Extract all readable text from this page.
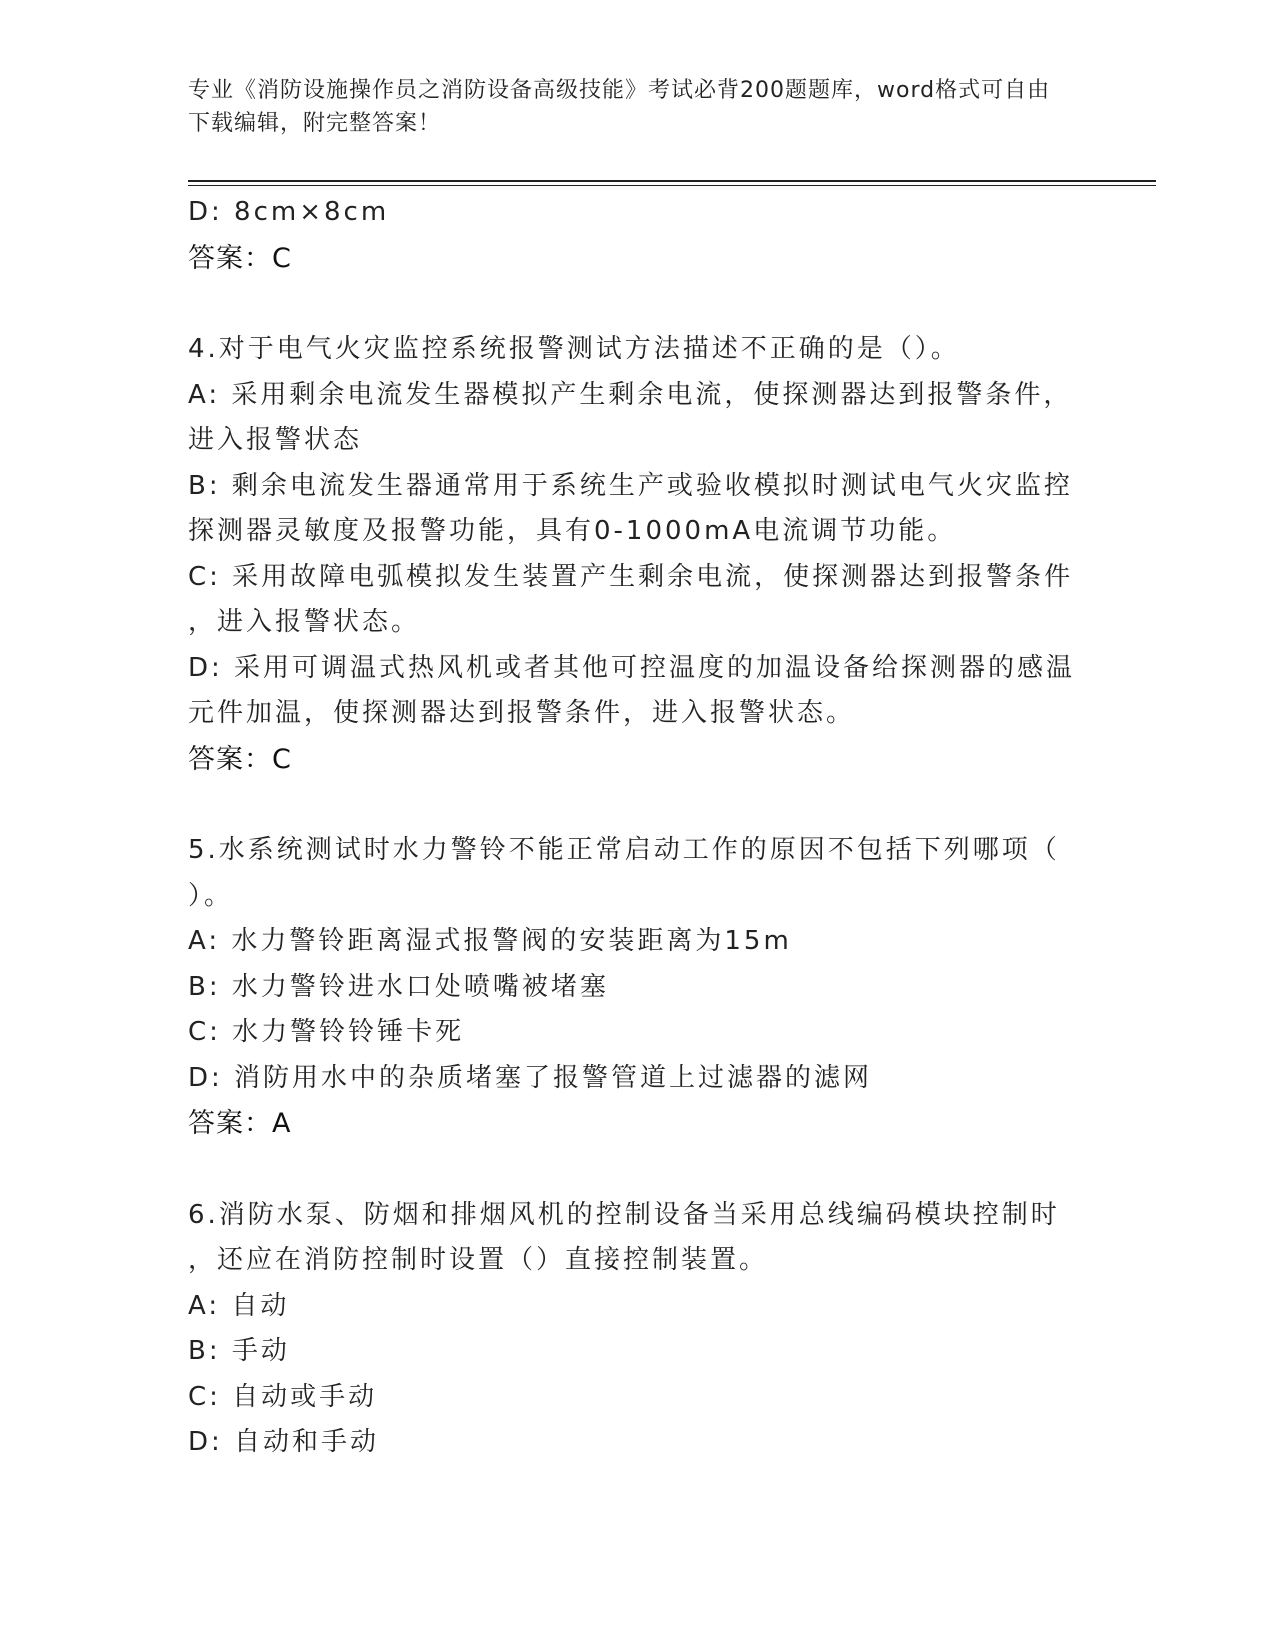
专业《消防设施操作员之消防设备高级技能》考试必背200题题库，word格式可自由下载编辑，附完整答案！
D: 8cm×8cm
答案：C
4.对于电气火灾监控系统报警测试方法描述不正确的是（）。
A: 采用剩余电流发生器模拟产生剩余电流，使探测器达到报警条件，
进入报警状态
B: 剩余电流发生器通常用于系统生产或验收模拟时测试电气火灾监控
探测器灵敏度及报警功能，具有0-1000mA电流调节功能。
C: 采用故障电弧模拟发生装置产生剩余电流，使探测器达到报警条件
，进入报警状态。
D: 采用可调温式热风机或者其他可控温度的加温设备给探测器的感温
元件加温，使探测器达到报警条件，进入报警状态。
答案：C
5.水系统测试时水力警铃不能正常启动工作的原因不包括下列哪项（
）。
A: 水力警铃距离湿式报警阀的安装距离为15m
B: 水力警铃进水口处喷嘴被堵塞
C: 水力警铃铃锤卡死
D: 消防用水中的杂质堵塞了报警管道上过滤器的滤网
答案：A
6.消防水泵、防烟和排烟风机的控制设备当采用总线编码模块控制时
，还应在消防控制时设置（）直接控制装置。
A: 自动
B: 手动
C: 自动或手动
D: 自动和手动
